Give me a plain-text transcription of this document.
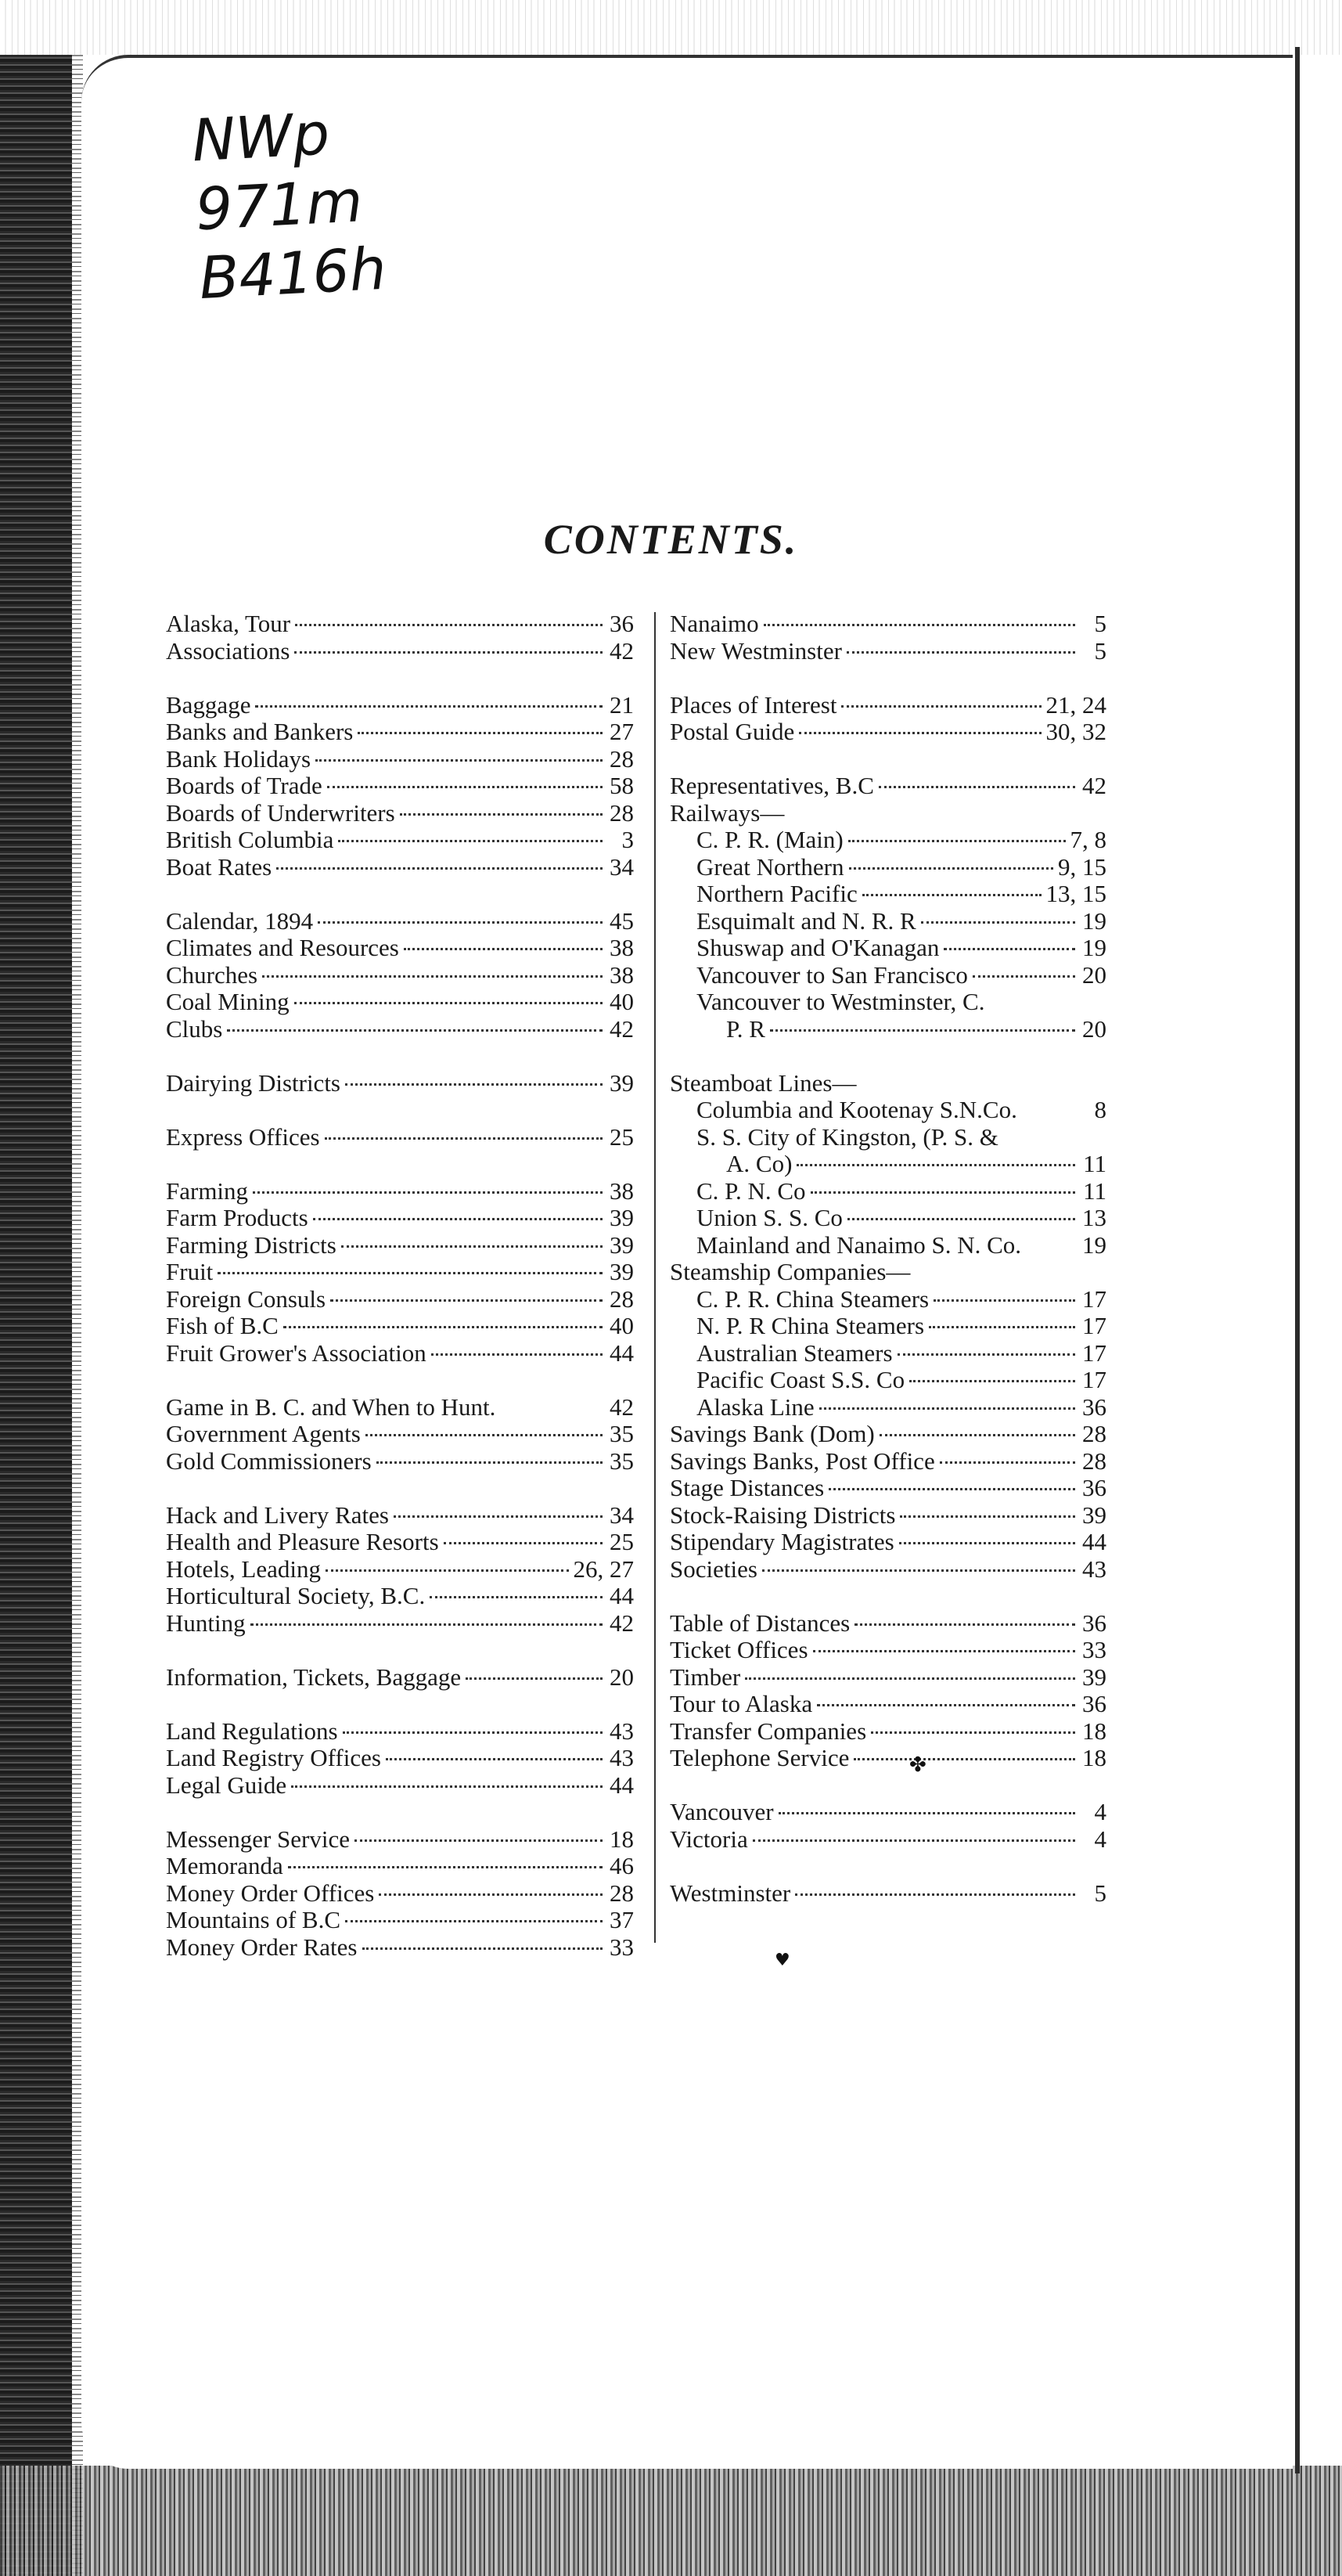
NWp
971m
B416h
CONTENTS.
Alaska, Tour	36
Associations	42
Baggage	21
Banks and Bankers	27
Bank Holidays	28
Boards of Trade	58
Boards of Underwriters	28
British Columbia	3
Boat Rates	34
Calendar, 1894	45
Climates and Resources	38
Churches	38
Coal Mining	40
Clubs	42
Dairying Districts	39
Express Offices	25
Farming	38
Farm Products	39
Farming Districts	39
Fruit	39
Foreign Consuls	28
Fish of B.C	40
Fruit Grower's Association	44
Game in B. C. and When to Hunt.	42
Government Agents	35
Gold Commissioners	35
Hack and Livery Rates	34
Health and Pleasure Resorts	25
Hotels, Leading	26, 27
Horticultural Society, B.C.	44
Hunting	42
Information, Tickets, Baggage	20
Land Regulations	43
Land Registry Offices	43
Legal Guide	44
Messenger Service	18
Memoranda	46
Money Order Offices	28
Mountains of B.C	37
Money Order Rates	33
Nanaimo	5
New Westminster	5
Places of Interest	21, 24
Postal Guide	30, 32
Representatives, B.C	42
Railways—
C. P. R. (Main)	7, 8
Great Northern	9, 15
Northern Pacific	13, 15
Esquimalt and N. R. R	19
Shuswap and O'Kanagan	19
Vancouver to San Francisco	20
Vancouver to Westminster, C.
P. R	20
Steamboat Lines—
Columbia and Kootenay S.N.Co.	8
S. S. City of Kingston, (P. S. &
A. Co)	11
C. P. N. Co	11
Union S. S. Co	13
Mainland and Nanaimo S. N. Co.	19
Steamship Companies—
C. P. R. China Steamers	17
N. P. R China Steamers	17
Australian Steamers	17
Pacific Coast S.S. Co	17
Alaska Line	36
Savings Bank (Dom)	28
Savings Banks, Post Office	28
Stage Distances	36
Stock-Raising Districts	39
Stipendary Magistrates	44
Societies	43
Table of Distances	36
Ticket Offices	33
Timber	39
Tour to Alaska	36
Transfer Companies	18
Telephone Service	18
Vancouver	4
Victoria	4
Westminster	5
✤
♥
